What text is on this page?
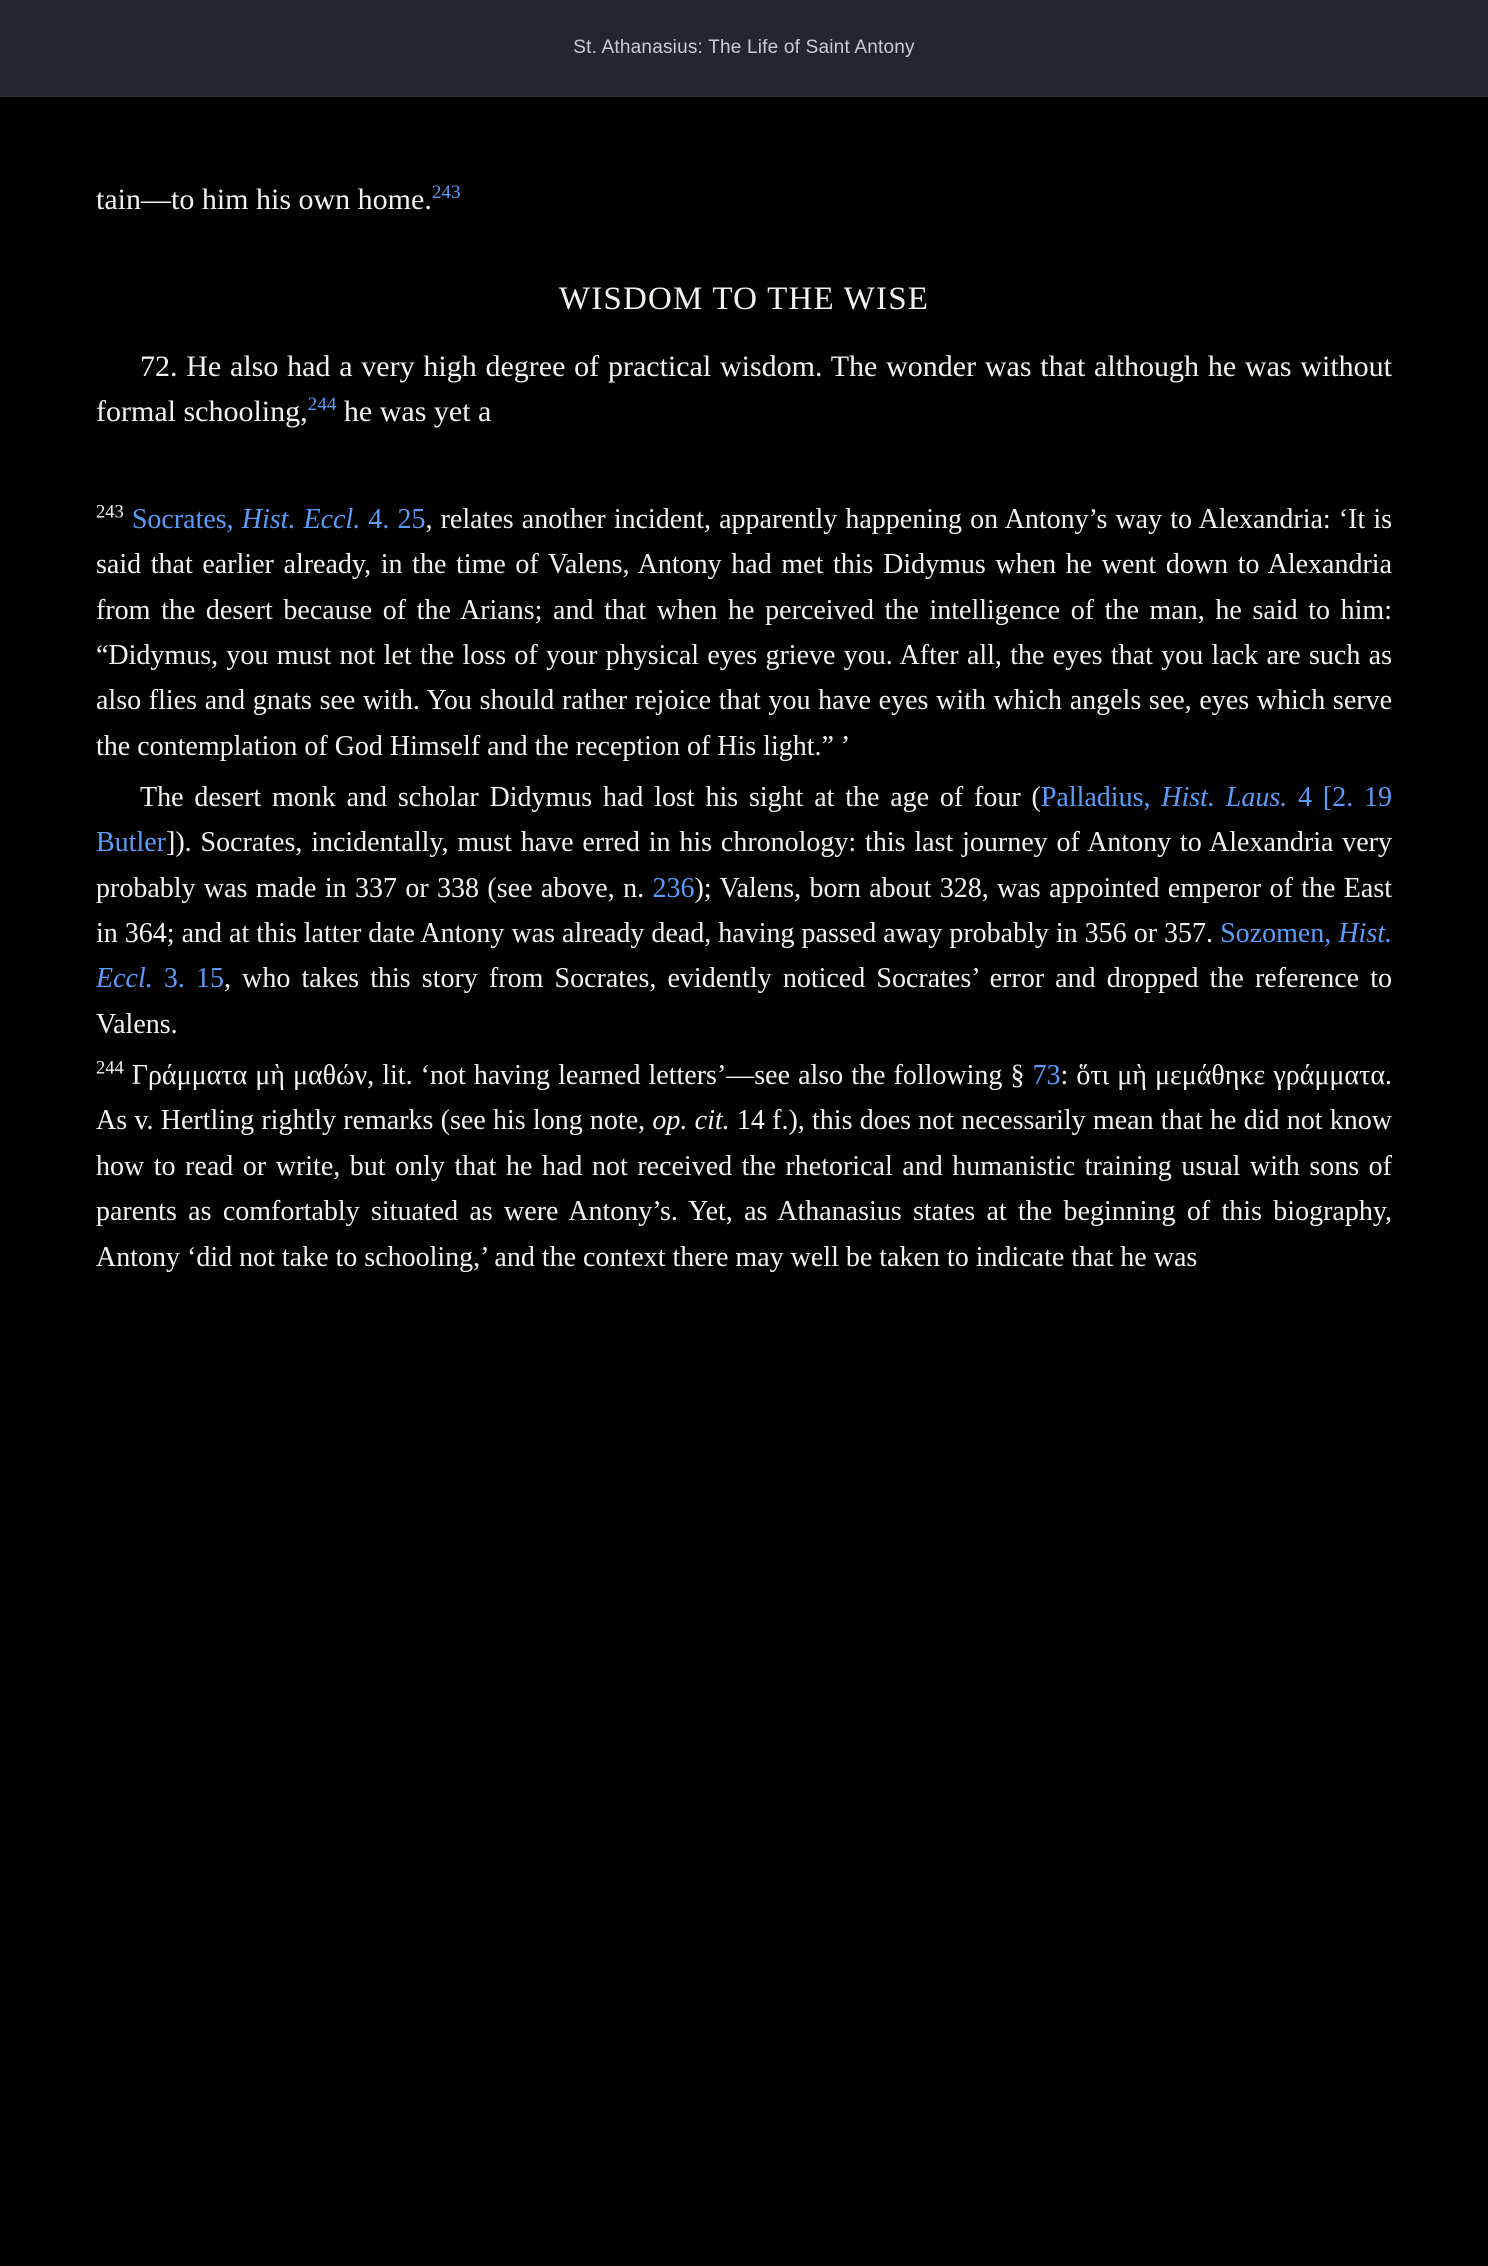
St. Athanasius: The Life of Saint Antony

tain—to him his own home.$^{243}$

WISDOM TO THE WISE

72. He also had a very high degree of practical wisdom. The wonder was that although he was without formal schooling,$^{244}$ he was yet a

$^{243}$ Socrates, Hist. Eccl. 4. 25, relates another incident, apparently happening on Antony’s way to Alexandria: ‘It is said that earlier already, in the time of Valens, Antony had met this Didymus when he went down to Alexandria from the desert because of the Arians; and that when he perceived the intelligence of the man, he said to him: “Didymus, you must not let the loss of your physical eyes grieve you. After all, the eyes that you lack are such as also flies and gnats see with. You should rather rejoice that you have eyes with which angels see, eyes which serve the contemplation of God Himself and the reception of His light.” ’

The desert monk and scholar Didymus had lost his sight at the age of four (Palladius, Hist. Laus. 4 [2. 19 Butler]). Socrates, incidentally, must have erred in his chronology: this last journey of Antony to Alexandria very probably was made in 337 or 338 (see above, n. 236); Valens, born about 328, was appointed emperor of the East in 364; and at this latter date Antony was already dead, having passed away probably in 356 or 357. Sozomen, Hist. Eccl. 3. 15, who takes this story from Socrates, evidently noticed Socrates’ error and dropped the reference to Valens.

$^{244}$ Γράμματα μὴ μαθών, lit. ‘not having learned letters’—see also the following § 73: ὅτι μὴ μεμάθηκε γράμματα. As v. Hertling rightly remarks (see his long note, op. cit. 14 f.), this does not necessarily mean that he did not know how to read or write, but only that he had not received the rhetorical and humanistic training usual with sons of parents as comfortably situated as were Antony’s. Yet, as Athanasius states at the beginning of this biography, Antony ‘did not take to schooling,’ and the context there may well be taken to indicate that he was
